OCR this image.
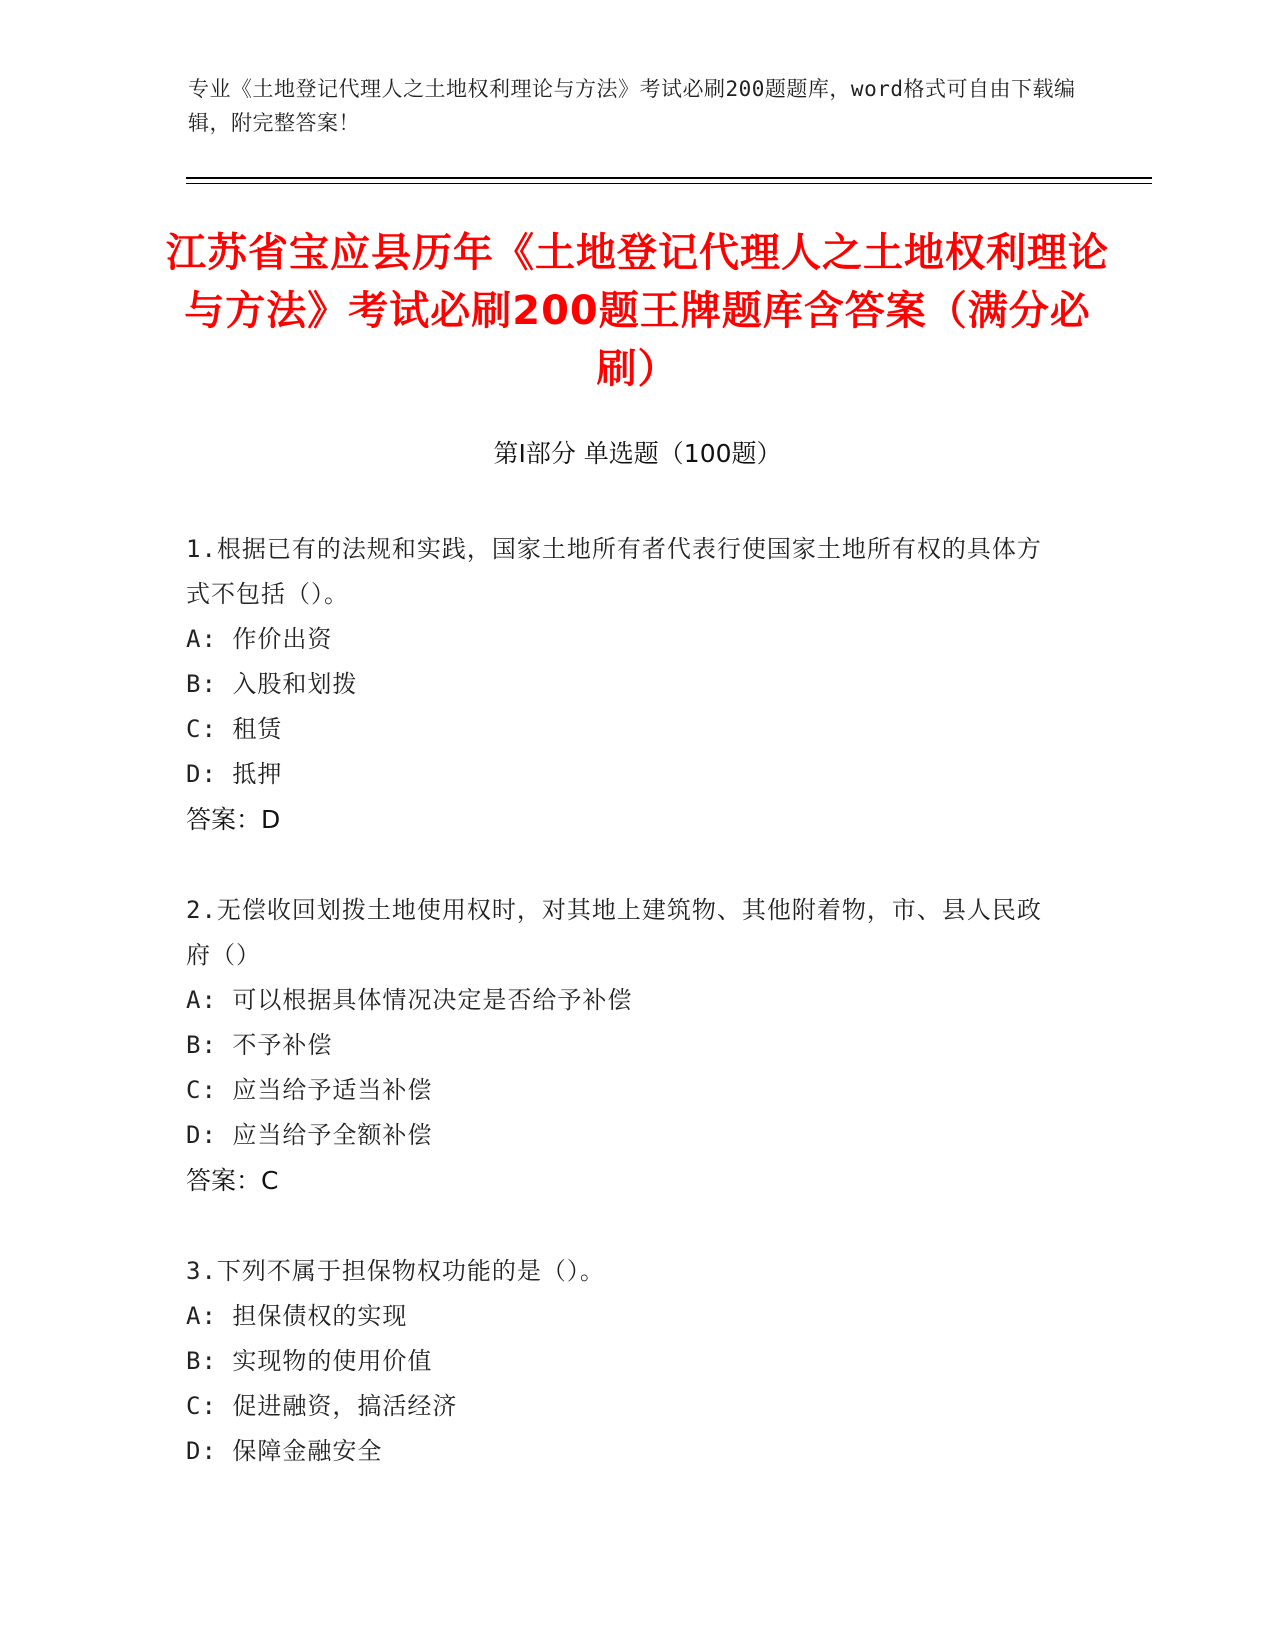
专业《土地登记代理人之土地权利理论与方法》考试必刷200题题库，word格式可自由下载编辑，附完整答案！
江苏省宝应县历年《土地登记代理人之土地权利理论与方法》考试必刷200题王牌题库含答案（满分必刷）
第Ⅰ部分 单选题（100题）
1.根据已有的法规和实践，国家土地所有者代表行使国家土地所有权的具体方式不包括（）。
A: 作价出资
B: 入股和划拨
C: 租赁
D: 抵押
答案：D
2.无偿收回划拨土地使用权时，对其地上建筑物、其他附着物，市、县人民政府（）
A: 可以根据具体情况决定是否给予补偿
B: 不予补偿
C: 应当给予适当补偿
D: 应当给予全额补偿
答案：C
3.下列不属于担保物权功能的是（）。
A: 担保债权的实现
B: 实现物的使用价值
C: 促进融资，搞活经济
D: 保障金融安全
